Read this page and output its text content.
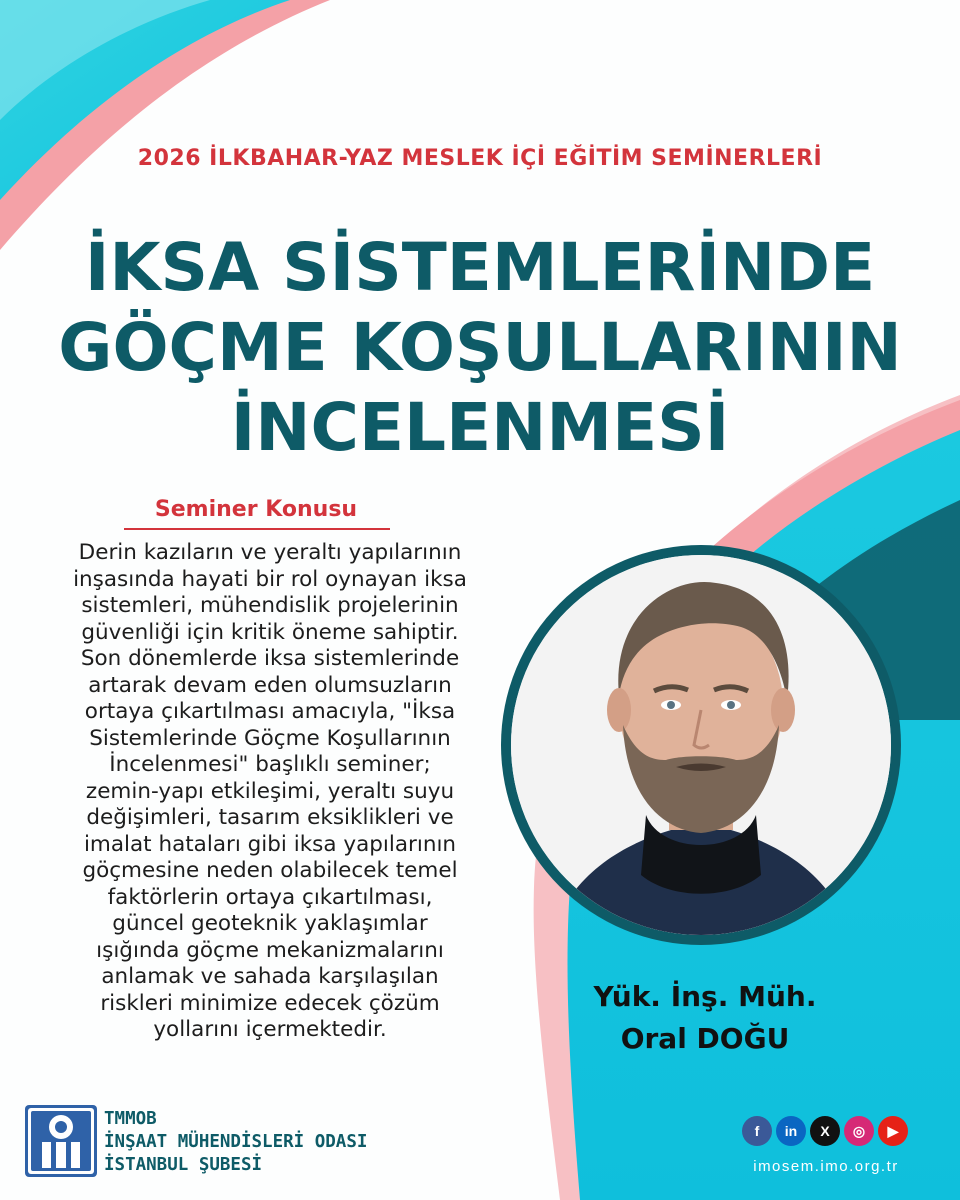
2026 İLKBAHAR-YAZ MESLEK İÇİ EĞİTİM SEMİNERLERİ
İKSA SİSTEMLERİNDE
GÖÇME KOŞULLARININ
İNCELENMESİ
Seminer Konusu
Derin kazıların ve yeraltı yapılarının
inşasında hayati bir rol oynayan iksa
sistemleri, mühendislik projelerinin
güvenliği için kritik öneme sahiptir.
Son dönemlerde iksa sistemlerinde
artarak devam eden olumsuzların
ortaya çıkartılması amacıyla, "İksa
Sistemlerinde Göçme Koşullarının
İncelenmesi" başlıklı seminer;
zemin-yapı etkileşimi, yeraltı suyu
değişimleri, tasarım eksiklikleri ve
imalat hataları gibi iksa yapılarının
göçmesine neden olabilecek temel
faktörlerin ortaya çıkartılması,
güncel geoteknik yaklaşımlar
ışığında göçme mekanizmalarını
anlamak ve sahada karşılaşılan
riskleri minimize edecek çözüm
yollarını içermektedir.
Yük. İnş. Müh.
Oral DOĞU
TMMOB
İNŞAAT MÜHENDİSLERİ ODASI
İSTANBUL ŞUBESİ
f in X ◎ ▶
imosem.imo.org.tr
